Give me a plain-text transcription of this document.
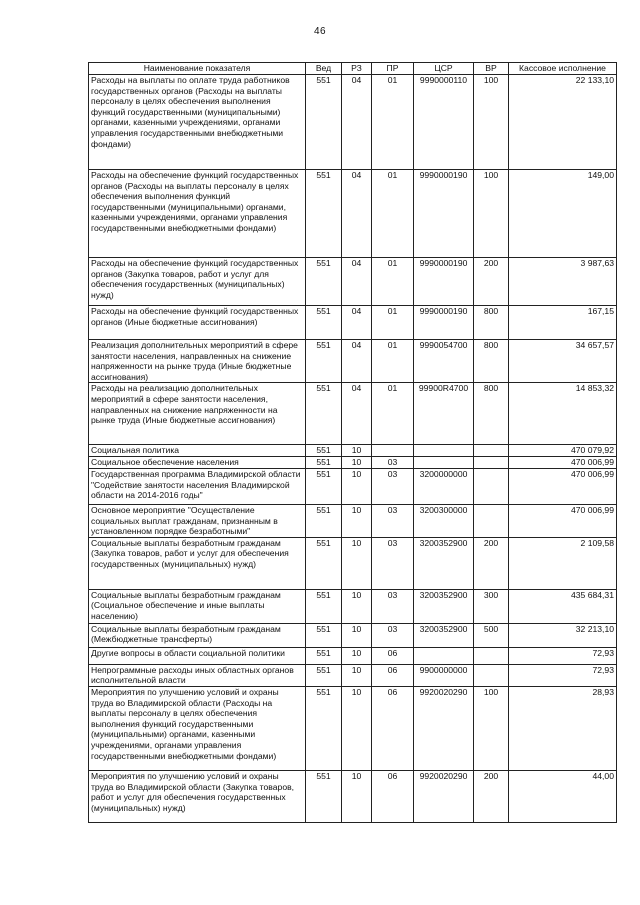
46
Наименование показателя	Вед	РЗ	ПР	ЦСР	ВР	Кассовое исполнение
Расходы на выплаты по оплате труда работников государственных органов (Расходы на выплаты персоналу в целях обеспечения выполнения функций государственными (муниципальными) органами, казенными учреждениями, органами управления государственными внебюджетными фондами)	551	04	01	9990000110	100	22 133,10
Расходы на обеспечение функций государственных органов (Расходы на выплаты персоналу в целях обеспечения выполнения функций государственными (муниципальными) органами, казенными учреждениями, органами управления государственными внебюджетными фондами)	551	04	01	9990000190	100	149,00
Расходы на обеспечение функций государственных органов (Закупка товаров, работ и услуг для обеспечения государственных (муниципальных) нужд)	551	04	01	9990000190	200	3 987,63
Расходы на обеспечение функций государственных органов (Иные бюджетные ассигнования)	551	04	01	9990000190	800	167,15
Реализация дополнительных мероприятий в сфере занятости населения, направленных на снижение напряженности на рынке труда (Иные бюджетные ассигнования)	551	04	01	9990054700	800	34 657,57
Расходы на реализацию дополнительных мероприятий в сфере занятости населения, направленных на снижение напряженности на рынке труда (Иные бюджетные ассигнования)	551	04	01	99900R4700	800	14 853,32
Социальная политика	551	10				470 079,92
Социальное обеспечение населения	551	10	03			470 006,99
Государственная программа Владимирской области "Содействие занятости населения Владимирской области на 2014-2016 годы"	551	10	03	3200000000		470 006,99
Основное мероприятие "Осуществление социальных выплат гражданам, признанным в установленном порядке безработными"	551	10	03	3200300000		470 006,99
Социальные выплаты безработным гражданам (Закупка товаров, работ и услуг для обеспечения государственных (муниципальных) нужд)	551	10	03	3200352900	200	2 109,58
Социальные выплаты безработным гражданам (Социальное обеспечение и иные выплаты населению)	551	10	03	3200352900	300	435 684,31
Социальные выплаты безработным гражданам (Межбюджетные трансферты)	551	10	03	3200352900	500	32 213,10
Другие вопросы в области социальной политики	551	10	06			72,93
Непрограммные расходы иных областных органов исполнительной власти	551	10	06	9900000000		72,93
Мероприятия по улучшению условий и охраны труда во Владимирской области (Расходы на выплаты персоналу в целях обеспечения выполнения функций государственными (муниципальными) органами, казенными учреждениями, органами управления государственными внебюджетными фондами)	551	10	06	9920020290	100	28,93
Мероприятия по улучшению условий и охраны труда во Владимирской области (Закупка товаров, работ и услуг для обеспечения государственных (муниципальных) нужд)	551	10	06	9920020290	200	44,00
